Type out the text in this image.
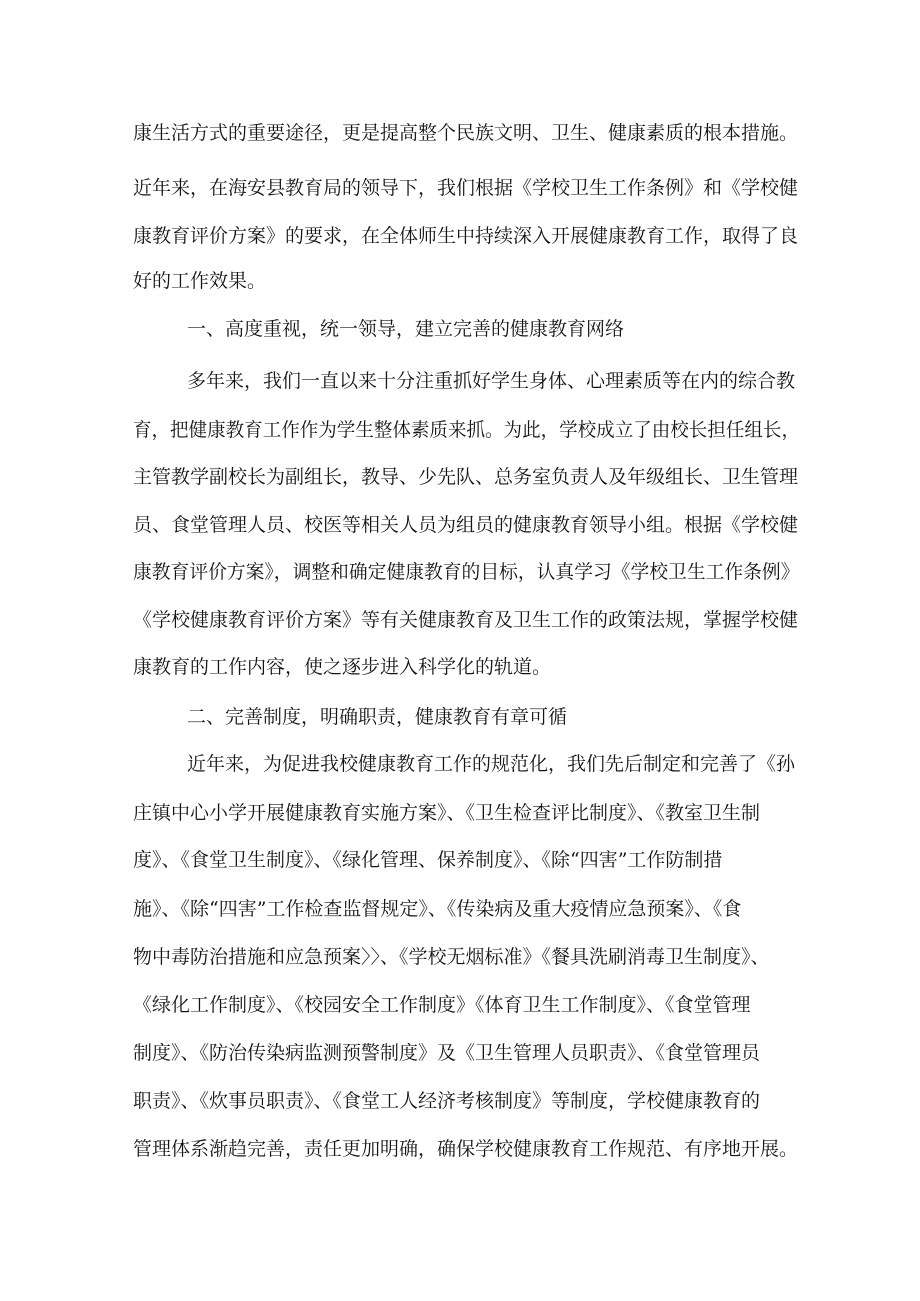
康生活方式的重要途径，更是提高整个民族文明、卫生、健康素质的根本措施。
近年来，在海安县教育局的领导下，我们根据《学校卫生工作条例》和《学校健
康教育评价方案》的要求，在全体师生中持续深入开展健康教育工作，取得了良
好的工作效果。
一、高度重视，统一领导，建立完善的健康教育网络
多年来，我们一直以来十分注重抓好学生身体、心理素质等在内的综合教
育，把健康教育工作作为学生整体素质来抓。为此，学校成立了由校长担任组长，
主管教学副校长为副组长，教导、少先队、总务室负责人及年级组长、卫生管理
员、食堂管理人员、校医等相关人员为组员的健康教育领导小组。根据《学校健
康教育评价方案》，调整和确定健康教育的目标，认真学习《学校卫生工作条例》
《学校健康教育评价方案》等有关健康教育及卫生工作的政策法规，掌握学校健
康教育的工作内容，使之逐步进入科学化的轨道。
二、完善制度，明确职责，健康教育有章可循
近年来，为促进我校健康教育工作的规范化，我们先后制定和完善了《孙
庄镇中心小学开展健康教育实施方案》、《卫生检查评比制度》、《教室卫生制
度》、《食堂卫生制度》、《绿化管理、保养制度》、《除“四害”工作防制措
施》、《除“四害”工作检查监督规定》、《传染病及重大疫情应急预案》、《食
物中毒防治措施和应急预案〉〉、《学校无烟标准》《餐具洗刷消毒卫生制度》、
《绿化工作制度》、《校园安全工作制度》《体育卫生工作制度》、《食堂管理
制度》、《防治传染病监测预警制度》及《卫生管理人员职责》、《食堂管理员
职责》、《炊事员职责》、《食堂工人经济考核制度》等制度，学校健康教育的
管理体系渐趋完善，责任更加明确，确保学校健康教育工作规范、有序地开展。
